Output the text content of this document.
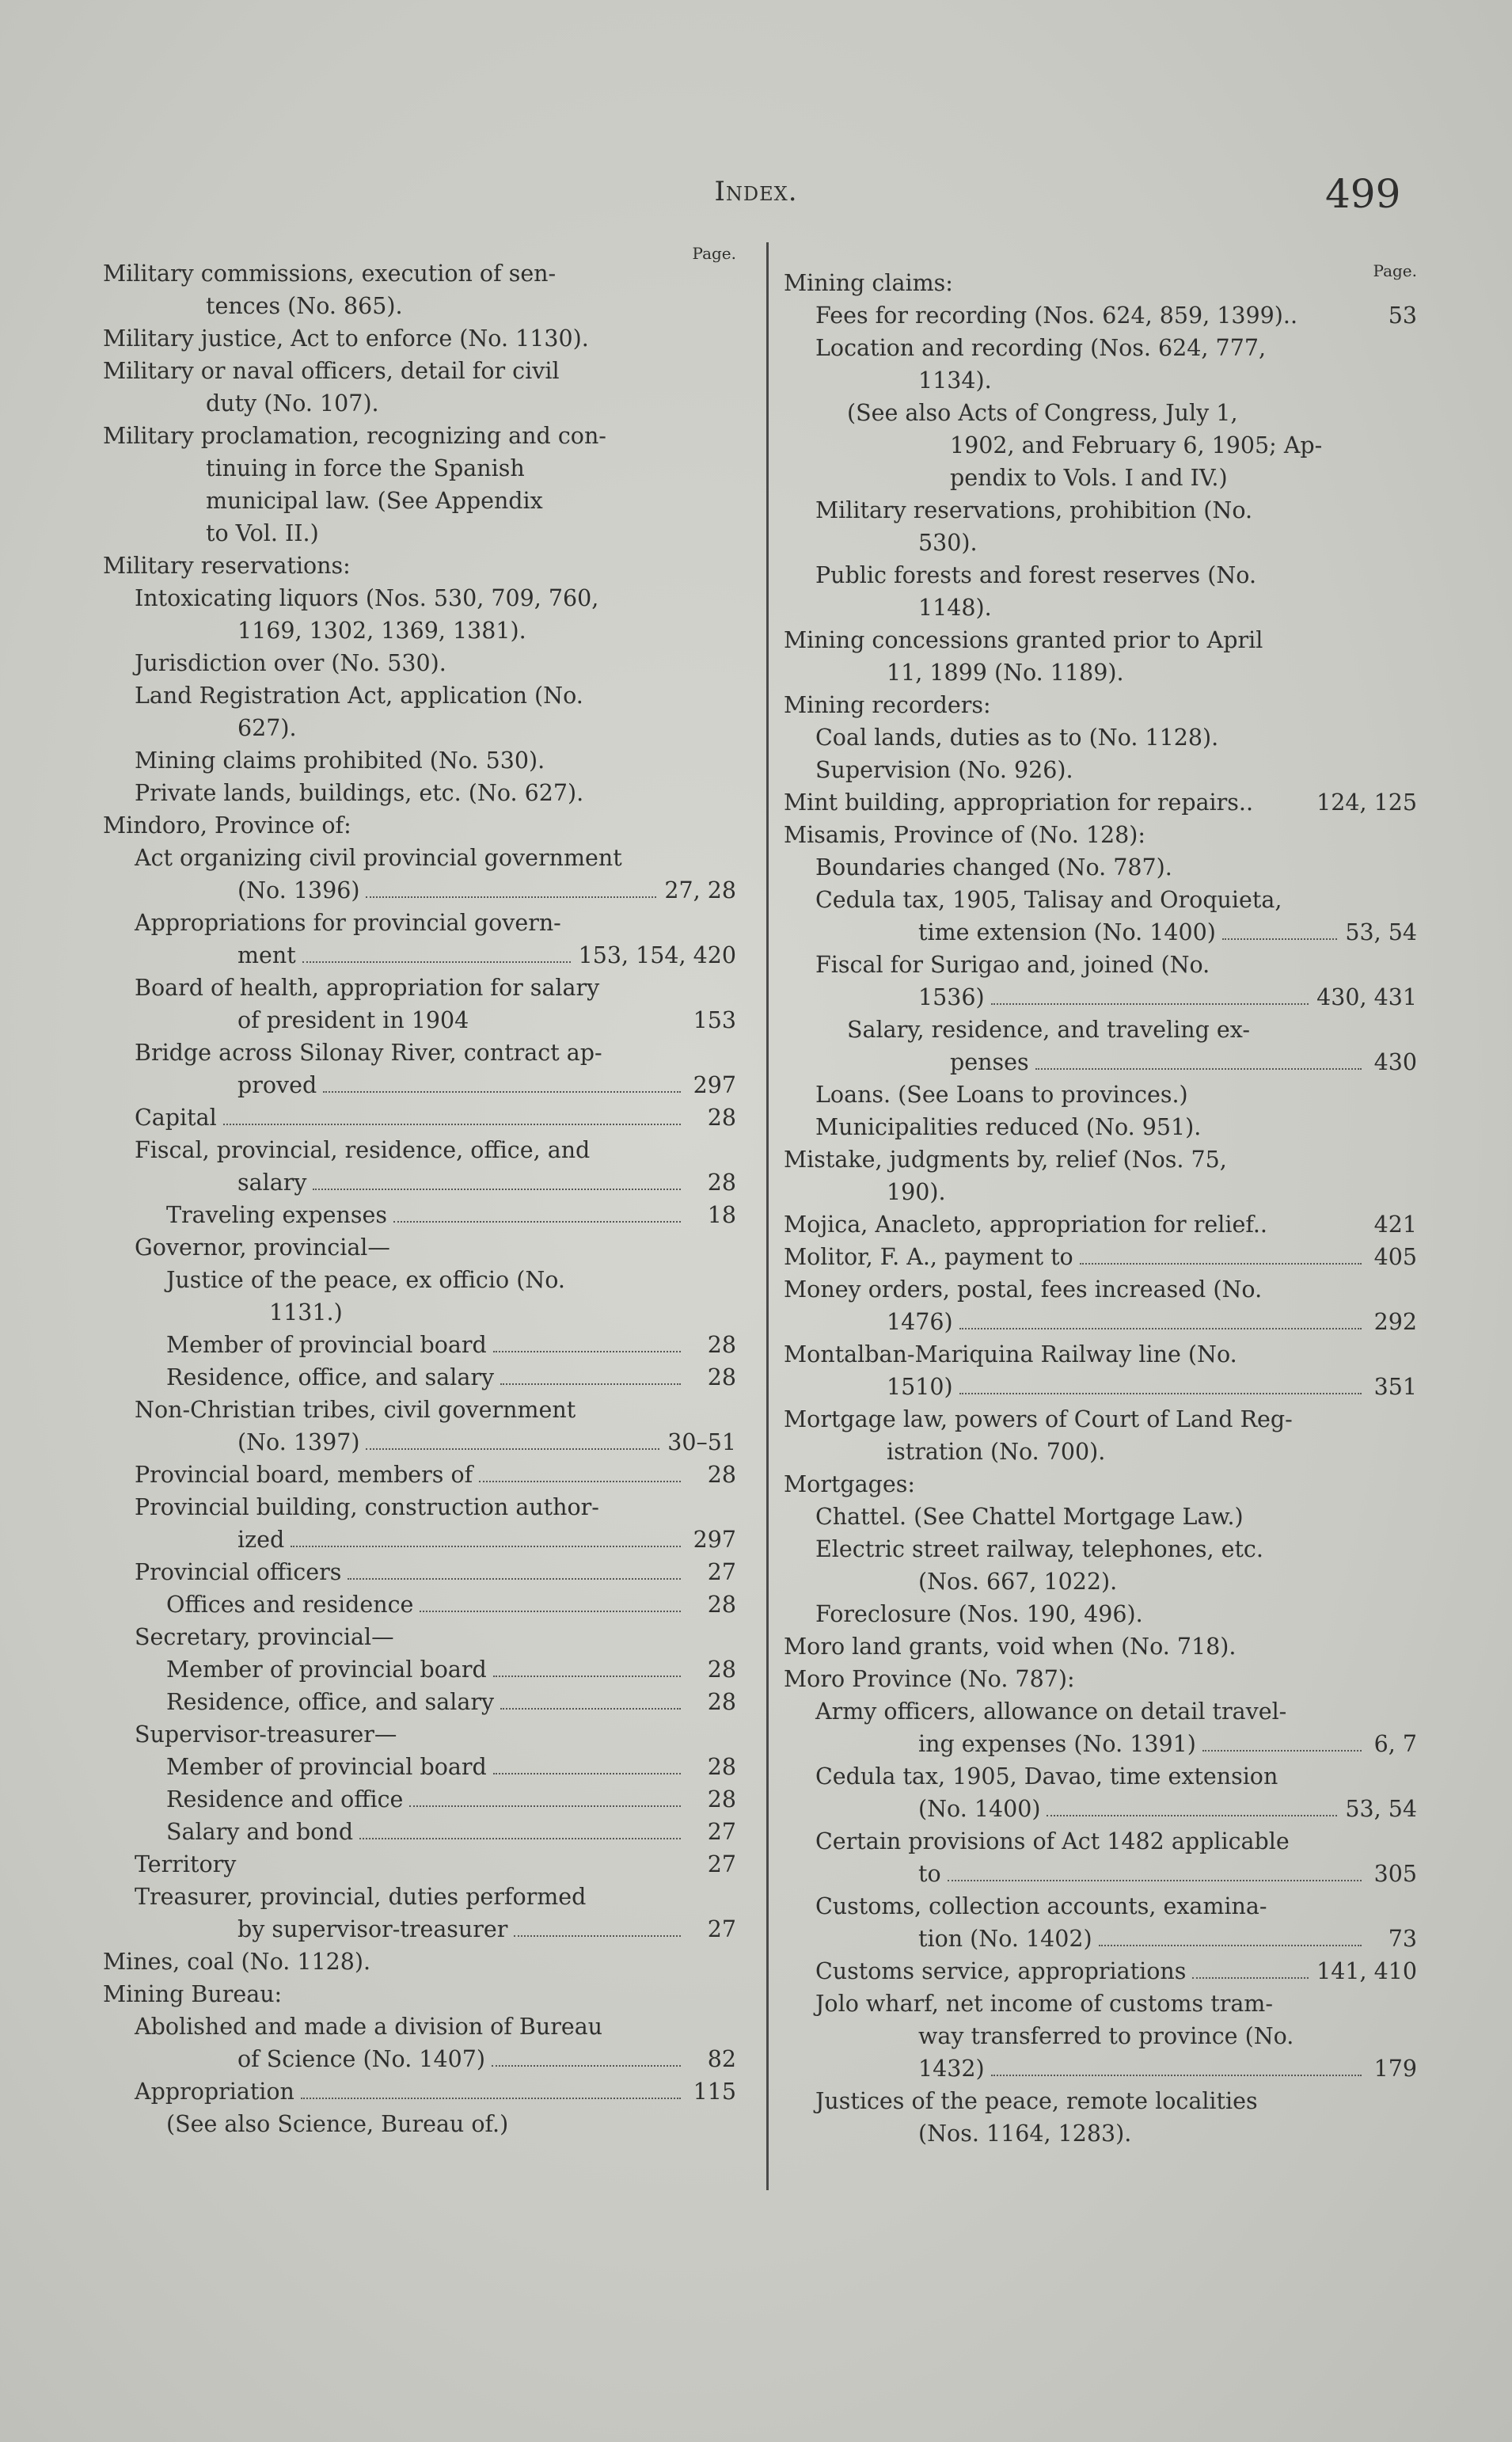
Index.	499
Page.
Military commissions, execution of sen-
tences (No. 865).
Military justice, Act to enforce (No. 1130).
Military or naval officers, detail for civil
duty (No. 107).
Military proclamation, recognizing and con-
tinuing in force the Spanish
municipal law. (See Appendix
to Vol. II.)
Military reservations:
Intoxicating liquors (Nos. 530, 709, 760,
1169, 1302, 1369, 1381).
Jurisdiction over (No. 530).
Land Registration Act, application (No.
627).
Mining claims prohibited (No. 530).
Private lands, buildings, etc. (No. 627).
Mindoro, Province of:
Act organizing civil provincial government
(No. 1396)	27, 28
Appropriations for provincial govern-
ment	153, 154, 420
Board of health, appropriation for salary
of president in 1904	153
Bridge across Silonay River, contract ap-
proved	297
Capital	28
Fiscal, provincial, residence, office, and
salary	28
Traveling expenses	18
Governor, provincial—
Justice of the peace, ex officio (No.
1131.)
Member of provincial board	28
Residence, office, and salary	28
Non-Christian tribes, civil government
(No. 1397)	30–51
Provincial board, members of	28
Provincial building, construction author-
ized	297
Provincial officers	27
Offices and residence	28
Secretary, provincial—
Member of provincial board	28
Residence, office, and salary	28
Supervisor-treasurer—
Member of provincial board	28
Residence and office	28
Salary and bond	27
Territory	27
Treasurer, provincial, duties performed
by supervisor-treasurer	27
Mines, coal (No. 1128).
Mining Bureau:
Abolished and made a division of Bureau
of Science (No. 1407)	82
Appropriation	115
(See also Science, Bureau of.)
Page.
Mining claims:
Fees for recording (Nos. 624, 859, 1399)..	53
Location and recording (Nos. 624, 777,
1134).
(See also Acts of Congress, July 1,
1902, and February 6, 1905; Ap-
pendix to Vols. I and IV.)
Military reservations, prohibition (No.
530).
Public forests and forest reserves (No.
1148).
Mining concessions granted prior to April
11, 1899 (No. 1189).
Mining recorders:
Coal lands, duties as to (No. 1128).
Supervision (No. 926).
Mint building, appropriation for repairs..	124, 125
Misamis, Province of (No. 128):
Boundaries changed (No. 787).
Cedula tax, 1905, Talisay and Oroquieta,
time extension (No. 1400)	53, 54
Fiscal for Surigao and, joined (No.
1536)	430, 431
Salary, residence, and traveling ex-
penses	430
Loans. (See Loans to provinces.)
Municipalities reduced (No. 951).
Mistake, judgments by, relief (Nos. 75,
190).
Mojica, Anacleto, appropriation for relief..	421
Molitor, F. A., payment to	405
Money orders, postal, fees increased (No.
1476)	292
Montalban-Mariquina Railway line (No.
1510)	351
Mortgage law, powers of Court of Land Reg-
istration (No. 700).
Mortgages:
Chattel. (See Chattel Mortgage Law.)
Electric street railway, telephones, etc.
(Nos. 667, 1022).
Foreclosure (Nos. 190, 496).
Moro land grants, void when (No. 718).
Moro Province (No. 787):
Army officers, allowance on detail travel-
ing expenses (No. 1391)	6, 7
Cedula tax, 1905, Davao, time extension
(No. 1400)	53, 54
Certain provisions of Act 1482 applicable
to	305
Customs, collection accounts, examina-
tion (No. 1402)	73
Customs service, appropriations	141, 410
Jolo wharf, net income of customs tram-
way transferred to province (No.
1432)	179
Justices of the peace, remote localities
(Nos. 1164, 1283).
